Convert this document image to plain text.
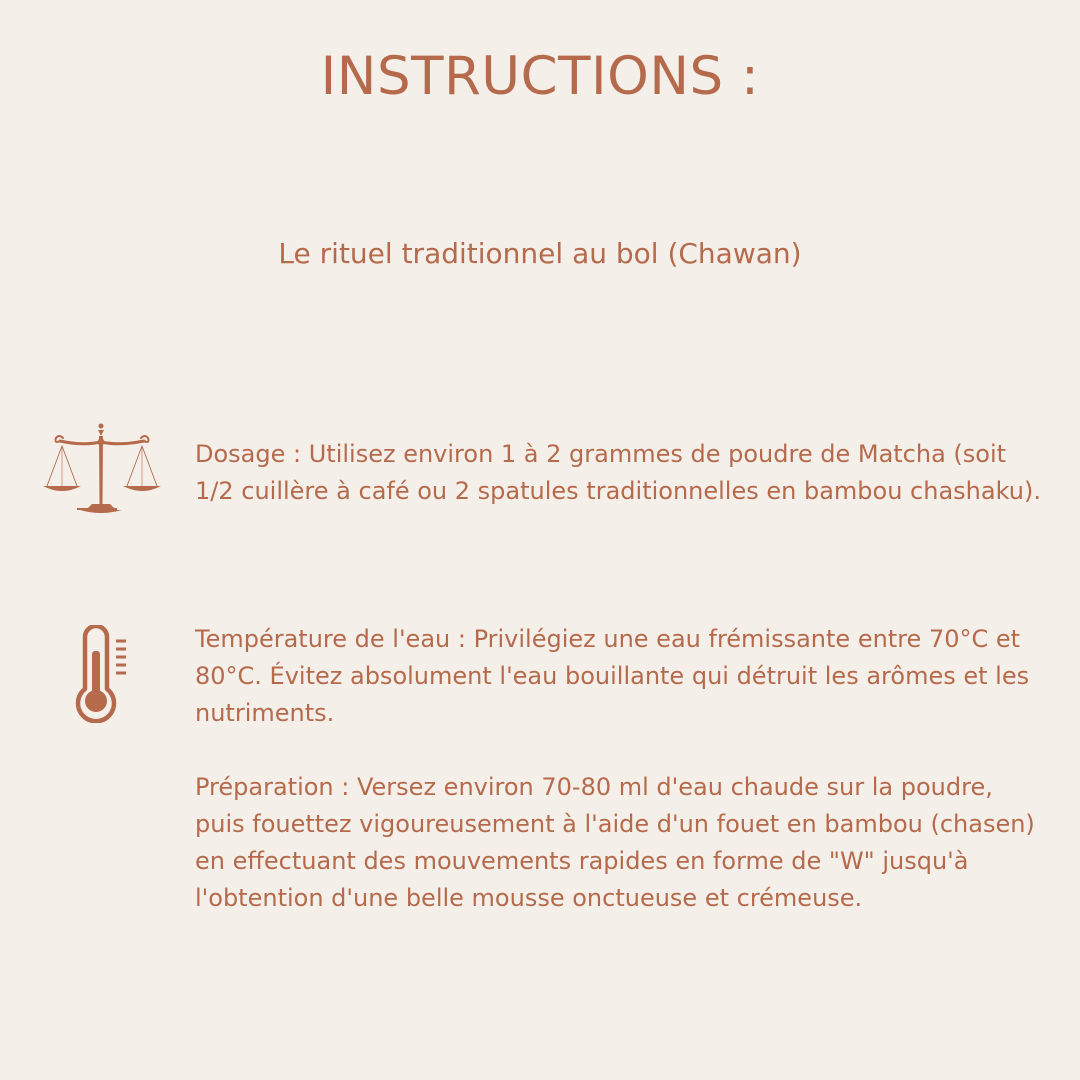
INSTRUCTIONS :

Le rituel traditionnel au bol (Chawan)

Dosage : Utilisez environ 1 à 2 grammes de poudre de Matcha (soit 1/2 cuillère à café ou 2 spatules traditionnelles en bambou chashaku).

Température de l'eau : Privilégiez une eau frémissante entre 70°C et 80°C. Évitez absolument l'eau bouillante qui détruit les arômes et les nutriments.

Préparation : Versez environ 70-80 ml d'eau chaude sur la poudre, puis fouettez vigoureusement à l'aide d'un fouet en bambou (chasen) en effectuant des mouvements rapides en forme de "W" jusqu'à l'obtention d'une belle mousse onctueuse et crémeuse.
